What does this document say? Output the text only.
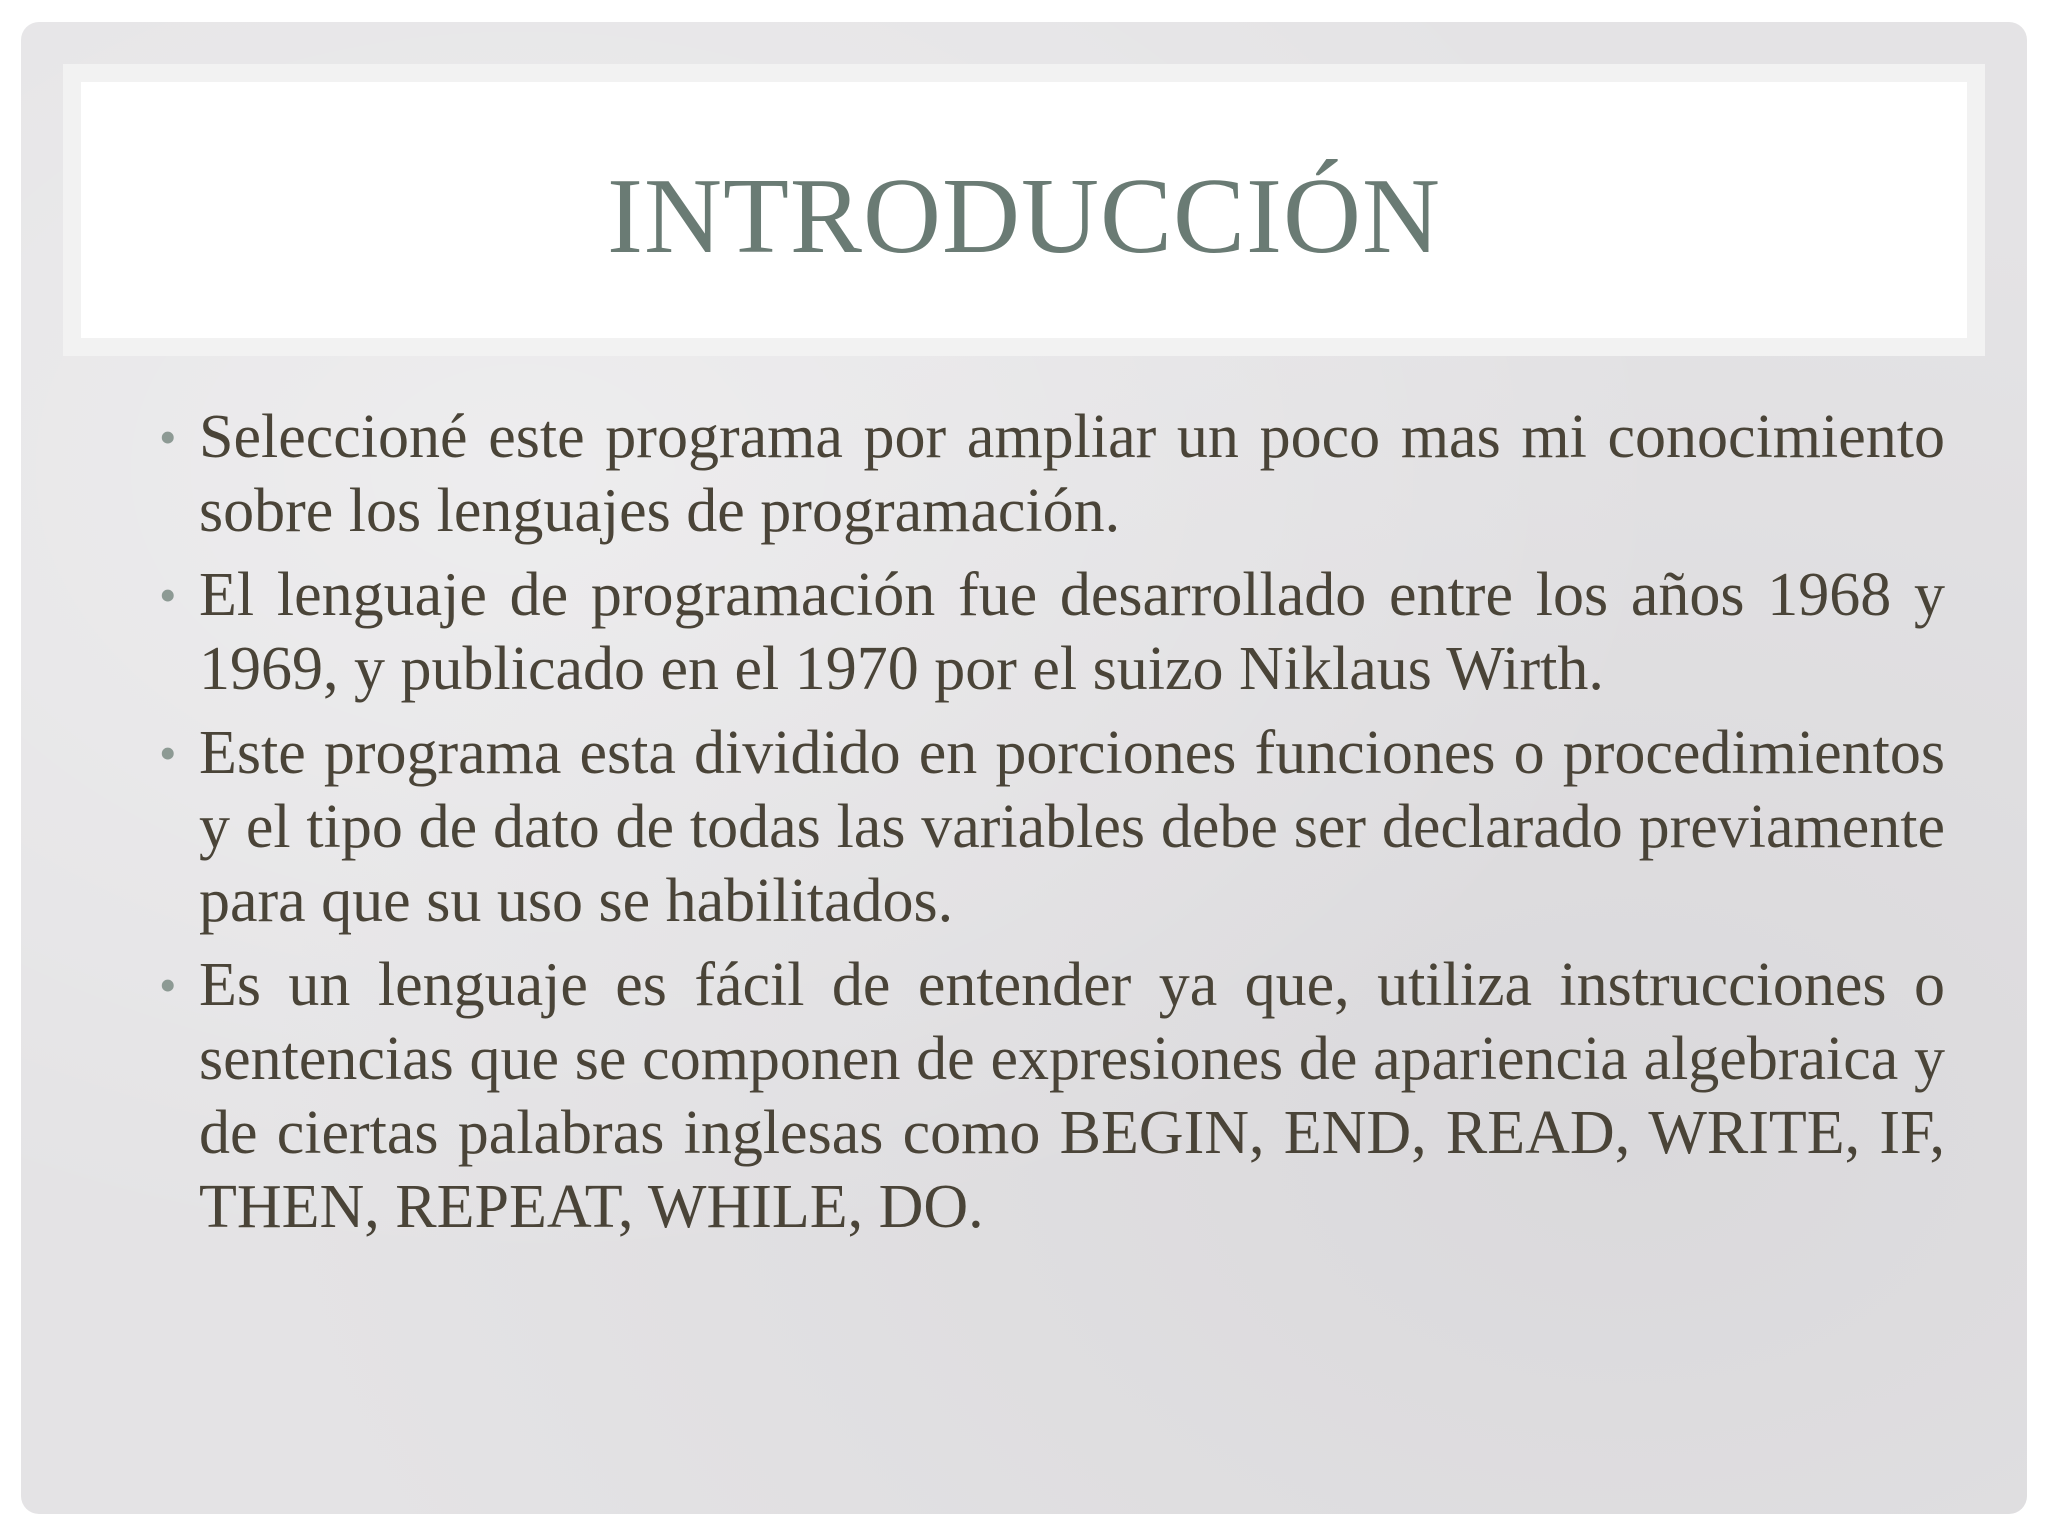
INTRODUCCIÓN
• Seleccioné este programa por ampliar un poco mas mi conocimiento sobre los lenguajes de programación.
• El lenguaje de programación fue desarrollado entre los años 1968 y 1969, y publicado en el 1970 por el suizo Niklaus Wirth.
• Este programa esta dividido en porciones funciones o procedimientos y el tipo de dato de todas las variables debe ser declarado previamente para que su uso se habilitados.
• Es un lenguaje es fácil de entender ya que, utiliza instrucciones o sentencias que se componen de expresiones de apariencia algebraica y de ciertas palabras inglesas como BEGIN, END, READ, WRITE, IF, THEN, REPEAT, WHILE, DO.
